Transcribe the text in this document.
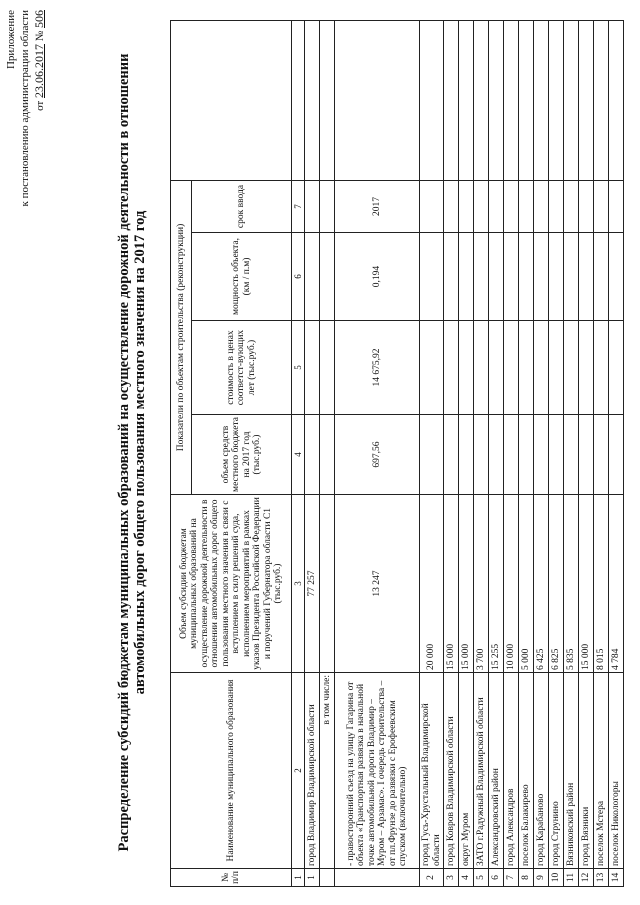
Приложение к постановлению администрации области от 23.06.2017 № 506
Распределение субсидий бюджетам муниципальных образований на осуществление дорожной деятельности в отношении автомобильных дорог общего пользования местного значения на 2017 год
№ п/п	Наименование муниципального образования	Объем субсидии бюджетам муниципальных образований на осуществление дорожной деятельности в отношении автомобильных дорог общего пользования местного значения в связи с вступлением в силу решений суда, исполнением мероприятий в рамках указов Президента Российской Федерации и поручений Губернатора области С1 (тыс.руб.)	Показатели по объектам строительства (реконструкции)				
			объем средств местного бюджета на 2017 год (тыс.руб.)	стоимость в ценах соответст-вующих лет (тыс.руб.)	мощность объекта, (км / п.м)	срок ввода	
1	2	3	4	5	6	7	
1	город Владимир Владимирской области	77 257					
	в том числе:						
	- правосторонний съезд на улицу Гагарина от объекта «Транспортная развязка в начальной точке автомобильной дороги Владимир – Муром – Арзамас». I очередь строительства – от пл.Фрунзе до развязки с Ерофеевским спуском (включительно)	13 247	697,56	14 675,92	0,194	2017	
2	город Гусь-Хрустальный Владимирской области	20 000					
3	город Ковров Владимирской области	15 000					
4	округ Муром	15 000					
5	ЗАТО г.Радужный Владимирской области	3 700					
6	Александровский район	15 255					
7	город Александров	10 000					
8	поселок Балакирево	5 000					
9	город Карабаново	6 425					
10	город Струнино	6 825					
11	Вязниковский район	5 835					
12	город Вязники	15 000					
13	поселок Мстера	8 015					
14	поселок Никологоры	4 784					
